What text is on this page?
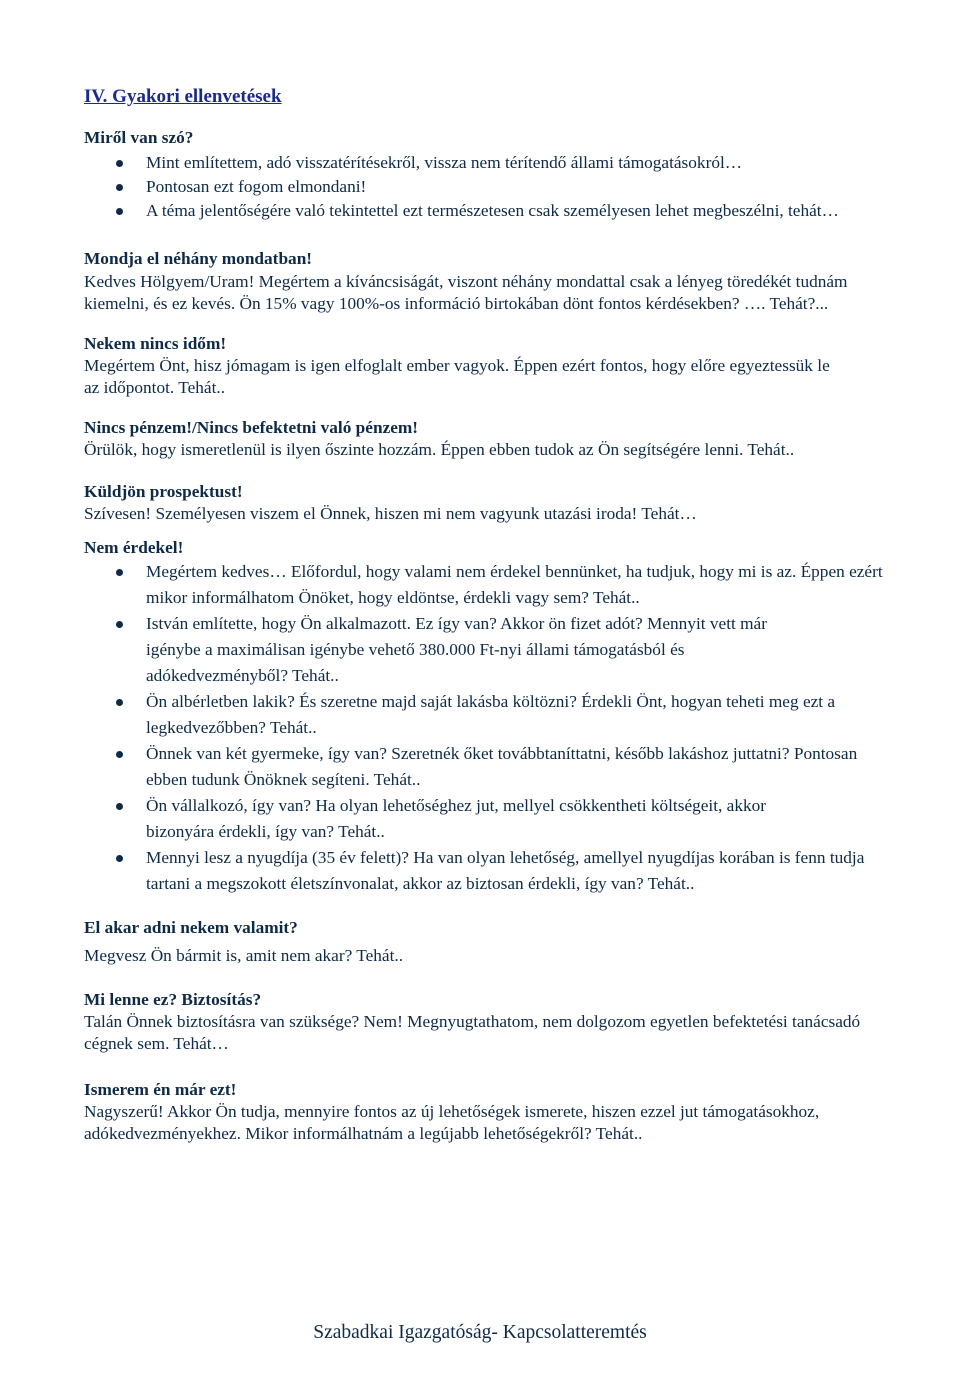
IV. Gyakori ellenvetések
Miről van szó?
Mint említettem, adó visszatérítésekről, vissza nem térítendő állami támogatásokról…
Pontosan ezt fogom elmondani!
A téma jelentőségére való tekintettel ezt természetesen csak személyesen lehet megbeszélni, tehát…
Mondja el néhány mondatban!
Kedves Hölgyem/Uram! Megértem a kíváncsiságát, viszont néhány mondattal csak a lényeg töredékét tudnám kiemelni, és ez kevés. Ön 15% vagy 100%-os információ birtokában dönt fontos kérdésekben? …. Tehát?...
Nekem nincs időm!
Megértem Önt, hisz jómagam is igen elfoglalt ember vagyok. Éppen ezért fontos, hogy előre egyeztessük le az időpontot. Tehát..
Nincs pénzem!/Nincs befektetni való pénzem!
Örülök, hogy ismeretlenül is ilyen őszinte hozzám. Éppen ebben tudok az Ön segítségére lenni. Tehát..
Küldjön prospektust!
Szívesen! Személyesen viszem el Önnek, hiszen mi nem vagyunk utazási iroda! Tehát…
Nem érdekel!
Megértem kedves… Előfordul, hogy valami nem érdekel bennünket, ha tudjuk, hogy mi is az. Éppen ezért mikor informálhatom Önöket, hogy eldöntse, érdekli vagy sem? Tehát..
István említette, hogy Ön alkalmazott. Ez így van? Akkor ön fizet adót? Mennyit vett már igénybe a maximálisan igénybe vehető 380.000 Ft-nyi állami támogatásból és adókedvezményből? Tehát..
Ön albérletben lakik? És szeretne majd saját lakásba költözni? Érdekli Önt, hogyan teheti meg ezt a legkedvezőbben? Tehát..
Önnek van két gyermeke, így van? Szeretnék őket továbbtaníttatni, később lakáshoz juttatni? Pontosan ebben tudunk Önöknek segíteni. Tehát..
Ön vállalkozó, így van? Ha olyan lehetőséghez jut, mellyel csökkentheti költségeit, akkor bizonyára érdekli, így van? Tehát..
Mennyi lesz a nyugdíja (35 év felett)? Ha van olyan lehetőség, amellyel nyugdíjas korában is fenn tudja tartani a megszokott életszínvonalat, akkor az biztosan érdekli, így van? Tehát..
El akar adni nekem valamit?
Megvesz Ön bármit is, amit nem akar? Tehát..
Mi lenne ez? Biztosítás?
Talán Önnek biztosításra van szüksége? Nem! Megnyugtathatom, nem dolgozom egyetlen befektetési tanácsadó cégnek sem. Tehát…
Ismerem én már ezt!
Nagyszerű! Akkor Ön tudja, mennyire fontos az új lehetőségek ismerete, hiszen ezzel jut támogatásokhoz, adókedvezményekhez. Mikor informálhatnám a legújabb lehetőségekről? Tehát..
Szabadkai Igazgatóság- Kapcsolatteremtés
